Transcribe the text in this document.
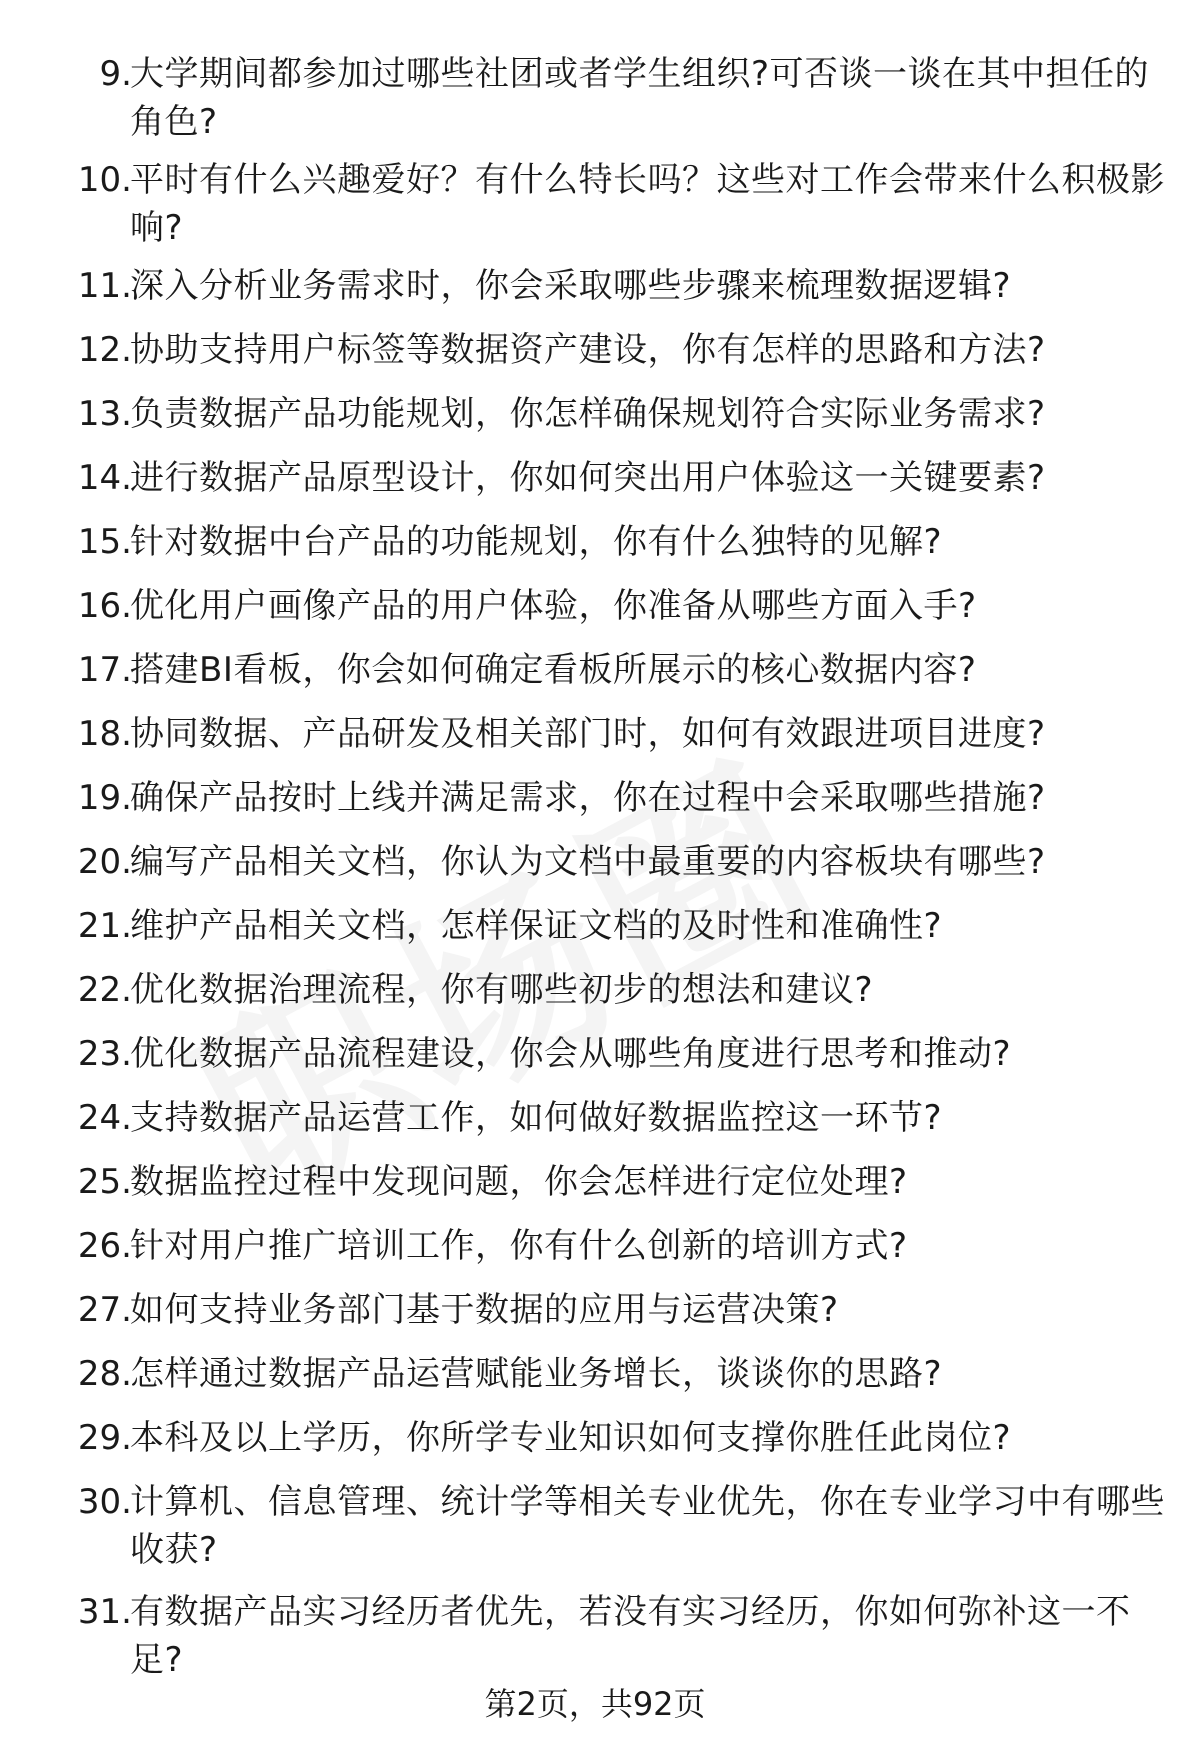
9.
大学期间都参加过哪些社团或者学生组织?可否谈一谈在其中担任的角色?
10.
平时有什么兴趣爱好？有什么特长吗？这些对工作会带来什么积极影响?
11.
深入分析业务需求时，你会采取哪些步骤来梳理数据逻辑?
12.
协助支持用户标签等数据资产建设，你有怎样的思路和方法?
13.
负责数据产品功能规划，你怎样确保规划符合实际业务需求?
14.
进行数据产品原型设计，你如何突出用户体验这一关键要素?
15.
针对数据中台产品的功能规划，你有什么独特的见解?
16.
优化用户画像产品的用户体验，你准备从哪些方面入手?
17.
搭建BI看板，你会如何确定看板所展示的核心数据内容?
18.
协同数据、产品研发及相关部门时，如何有效跟进项目进度?
19.
确保产品按时上线并满足需求，你在过程中会采取哪些措施?
20.
编写产品相关文档，你认为文档中最重要的内容板块有哪些?
21.
维护产品相关文档，怎样保证文档的及时性和准确性?
22.
优化数据治理流程，你有哪些初步的想法和建议?
23.
优化数据产品流程建设，你会从哪些角度进行思考和推动?
24.
支持数据产品运营工作，如何做好数据监控这一环节?
25.
数据监控过程中发现问题，你会怎样进行定位处理?
26.
针对用户推广培训工作，你有什么创新的培训方式?
27.
如何支持业务部门基于数据的应用与运营决策?
28.
怎样通过数据产品运营赋能业务增长，谈谈你的思路?
29.
本科及以上学历，你所学专业知识如何支撑你胜任此岗位?
30.
计算机、信息管理、统计学等相关专业优先，你在专业学习中有哪些收获?
31.
有数据产品实习经历者优先，若没有实习经历，你如何弥补这一不足?
第2页，共92页
